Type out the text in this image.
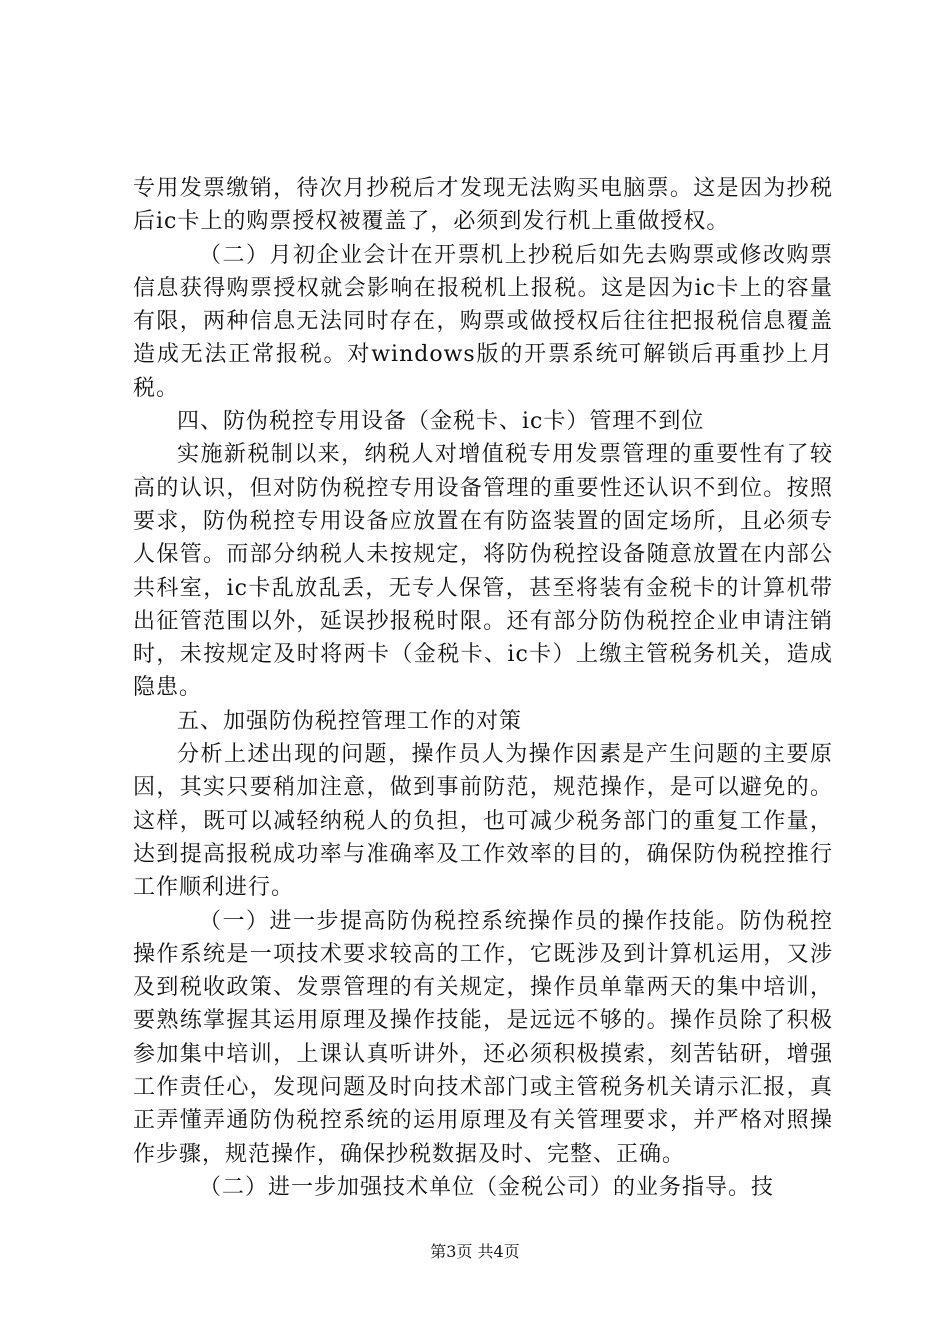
专用发票缴销，待次月抄税后才发现无法购买电脑票。这是因为抄税后ic卡上的购票授权被覆盖了，必须到发行机上重做授权。

（二）月初企业会计在开票机上抄税后如先去购票或修改购票信息获得购票授权就会影响在报税机上报税。这是因为ic卡上的容量有限，两种信息无法同时存在，购票或做授权后往往把报税信息覆盖造成无法正常报税。对windows版的开票系统可解锁后再重抄上月税。

四、防伪税控专用设备（金税卡、ic卡）管理不到位

实施新税制以来，纳税人对增值税专用发票管理的重要性有了较高的认识，但对防伪税控专用设备管理的重要性还认识不到位。按照要求，防伪税控专用设备应放置在有防盗装置的固定场所，且必须专人保管。而部分纳税人未按规定，将防伪税控设备随意放置在内部公共科室，ic卡乱放乱丢，无专人保管，甚至将装有金税卡的计算机带出征管范围以外，延误抄报税时限。还有部分防伪税控企业申请注销时，未按规定及时将两卡（金税卡、ic卡）上缴主管税务机关，造成隐患。

五、加强防伪税控管理工作的对策

分析上述出现的问题，操作员人为操作因素是产生问题的主要原因，其实只要稍加注意，做到事前防范，规范操作，是可以避免的。这样，既可以减轻纳税人的负担，也可减少税务部门的重复工作量，达到提高报税成功率与准确率及工作效率的目的，确保防伪税控推行工作顺利进行。

（一）进一步提高防伪税控系统操作员的操作技能。防伪税控操作系统是一项技术要求较高的工作，它既涉及到计算机运用，又涉及到税收政策、发票管理的有关规定，操作员单靠两天的集中培训，要熟练掌握其运用原理及操作技能，是远远不够的。操作员除了积极参加集中培训，上课认真听讲外，还必须积极摸索，刻苦钻研，增强工作责任心，发现问题及时向技术部门或主管税务机关请示汇报，真正弄懂弄通防伪税控系统的运用原理及有关管理要求，并严格对照操作步骤，规范操作，确保抄税数据及时、完整、正确。

（二）进一步加强技术单位（金税公司）的业务指导。技

第3页 共4页
